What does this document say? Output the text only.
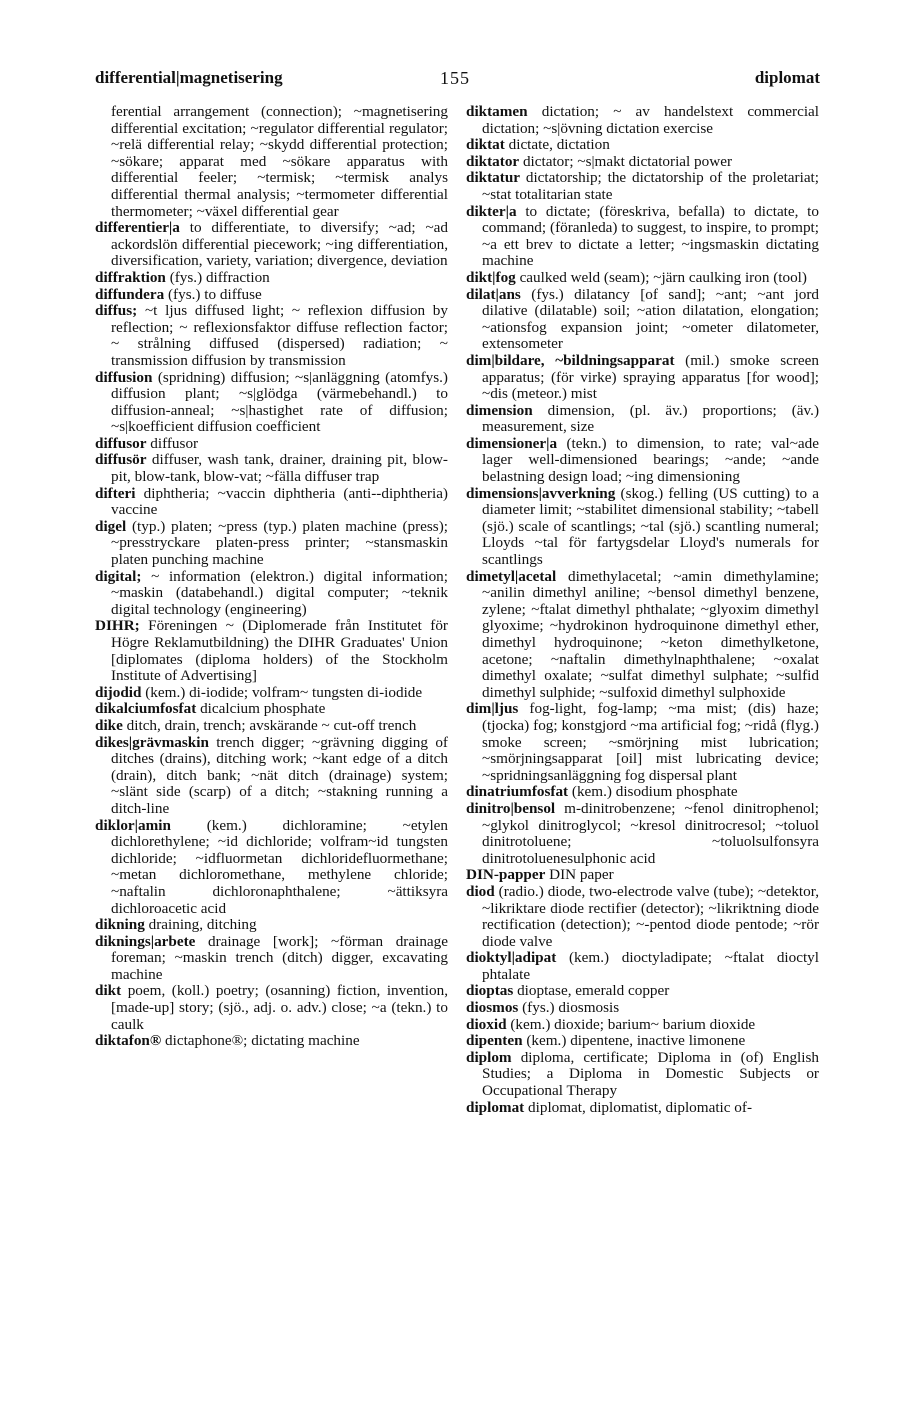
differential|magnetisering	155	diplomat

ferential arrangement (connection); ~magnetisering differential excitation; ~regulator differential regulator; ~relä differential relay; ~skydd differential protection; ~sökare; apparat med ~sökare apparatus with differential feeler; ~termisk; ~termisk analys differential thermal analysis; ~termometer differential thermometer; ~växel differential gear

differentier|a to differentiate, to diversify; ~ad; ~ad ackordslön differential piecework; ~ing differentiation, diversification, variety, variation; divergence, deviation

diffraktion (fys.) diffraction

diffundera (fys.) to diffuse

diffus; ~t ljus diffused light; ~ reflexion diffusion by reflection; ~ reflexionsfaktor diffuse reflection factor; ~ strålning diffused (dispersed) radiation; ~ transmission diffusion by transmission

diffusion (spridning) diffusion; ~s|anläggning (atomfys.) diffusion plant; ~s|glödga (värmebehandl.) to diffusion-anneal; ~s|hastighet rate of diffusion; ~s|koefficient diffusion coefficient

diffusor diffusor

diffusör diffuser, wash tank, drainer, draining pit, blow-pit, blow-tank, blow-vat; ~fälla diffuser trap

difteri diphtheria; ~vaccin diphtheria (anti--diphtheria) vaccine

digel (typ.) platen; ~press (typ.) platen machine (press); ~presstryckare platen-press printer; ~stansmaskin platen punching machine

digital; ~ information (elektron.) digital information; ~maskin (databehandl.) digital computer; ~teknik digital technology (engineering)

DIHR; Föreningen ~ (Diplomerade från Institutet för Högre Reklamutbildning) the DIHR Graduates' Union [diplomates (diploma holders) of the Stockholm Institute of Advertising]

dijodid (kem.) di-iodide; volfram~ tungsten di-iodide

dikalciumfosfat dicalcium phosphate

dike ditch, drain, trench; avskärande ~ cut-off trench

dikes|grävmaskin trench digger; ~grävning digging of ditches (drains), ditching work; ~kant edge of a ditch (drain), ditch bank; ~nät ditch (drainage) system; ~slänt side (scarp) of a ditch; ~stakning running a ditch-line

diklor|amin (kem.) dichloramine; ~etylen dichlorethylene; ~id dichloride; volfram~id tungsten dichloride; ~idfluormetan dichloridefluormethane; ~metan dichloromethane, methylene chloride; ~naftalin dichloronaphthalene; ~ättiksyra dichloroacetic acid

dikning draining, ditching

diknings|arbete drainage [work]; ~förman drainage foreman; ~maskin trench (ditch) digger, excavating machine

dikt poem, (koll.) poetry; (osanning) fiction, invention, [made-up] story; (sjö., adj. o. adv.) close; ~a (tekn.) to caulk

diktafon® dictaphone®; dictating machine

diktamen dictation; ~ av handelstext commercial dictation; ~s|övning dictation exercise

diktat dictate, dictation

diktator dictator; ~s|makt dictatorial power

diktatur dictatorship; the dictatorship of the proletariat; ~stat totalitarian state

dikter|a to dictate; (föreskriva, befalla) to dictate, to command; (föranleda) to suggest, to inspire, to prompt; ~a ett brev to dictate a letter; ~ingsmaskin dictating machine

dikt|fog caulked weld (seam); ~järn caulking iron (tool)

dilat|ans (fys.) dilatancy [of sand]; ~ant; ~ant jord dilative (dilatable) soil; ~ation dilatation, elongation; ~ationsfog expansion joint; ~ometer dilatometer, extensometer

dim|bildare, ~bildningsapparat (mil.) smoke screen apparatus; (för virke) spraying apparatus [for wood]; ~dis (meteor.) mist

dimension dimension, (pl. äv.) proportions; (äv.) measurement, size

dimensioner|a (tekn.) to dimension, to rate; val~ade lager well-dimensioned bearings; ~ande; ~ande belastning design load; ~ing dimensioning

dimensions|avverkning (skog.) felling (US cutting) to a diameter limit; ~stabilitet dimensional stability; ~tabell (sjö.) scale of scantlings; ~tal (sjö.) scantling numeral; Lloyds ~tal för fartygsdelar Lloyd's numerals for scantlings

dimetyl|acetal dimethylacetal; ~amin dimethylamine; ~anilin dimethyl aniline; ~bensol dimethyl benzene, zylene; ~ftalat dimethyl phthalate; ~glyoxim dimethyl glyoxime; ~hydrokinon hydroquinone dimethyl ether, dimethyl hydroquinone; ~keton dimethylketone, acetone; ~naftalin dimethylnaphthalene; ~oxalat dimethyl oxalate; ~sulfat dimethyl sulphate; ~sulfid dimethyl sulphide; ~sulfoxid dimethyl sulphoxide

dim|ljus fog-light, fog-lamp; ~ma mist; (dis) haze; (tjocka) fog; konstgjord ~ma artificial fog; ~ridå (flyg.) smoke screen; ~smörjning mist lubrication; ~smörjningsapparat [oil] mist lubricating device; ~spridningsanläggning fog dispersal plant

dinatriumfosfat (kem.) disodium phosphate

dinitro|bensol m-dinitrobenzene; ~fenol dinitrophenol; ~glykol dinitroglycol; ~kresol dinitrocresol; ~toluol dinitrotoluene; ~toluolsulfonsyra dinitrotoluenesulphonic acid

DIN-papper DIN paper

diod (radio.) diode, two-electrode valve (tube); ~detektor, ~likriktare diode rectifier (detector); ~likriktning diode rectification (detection); ~-pentod diode pentode; ~rör diode valve

dioktyl|adipat (kem.) dioctyladipate; ~ftalat dioctyl phtalate

dioptas dioptase, emerald copper

diosmos (fys.) diosmosis

dioxid (kem.) dioxide; barium~ barium dioxide

dipenten (kem.) dipentene, inactive limonene

diplom diploma, certificate; Diploma in (of) English Studies; a Diploma in Domestic Subjects or Occupational Therapy

diplomat diplomat, diplomatist, diplomatic of-
